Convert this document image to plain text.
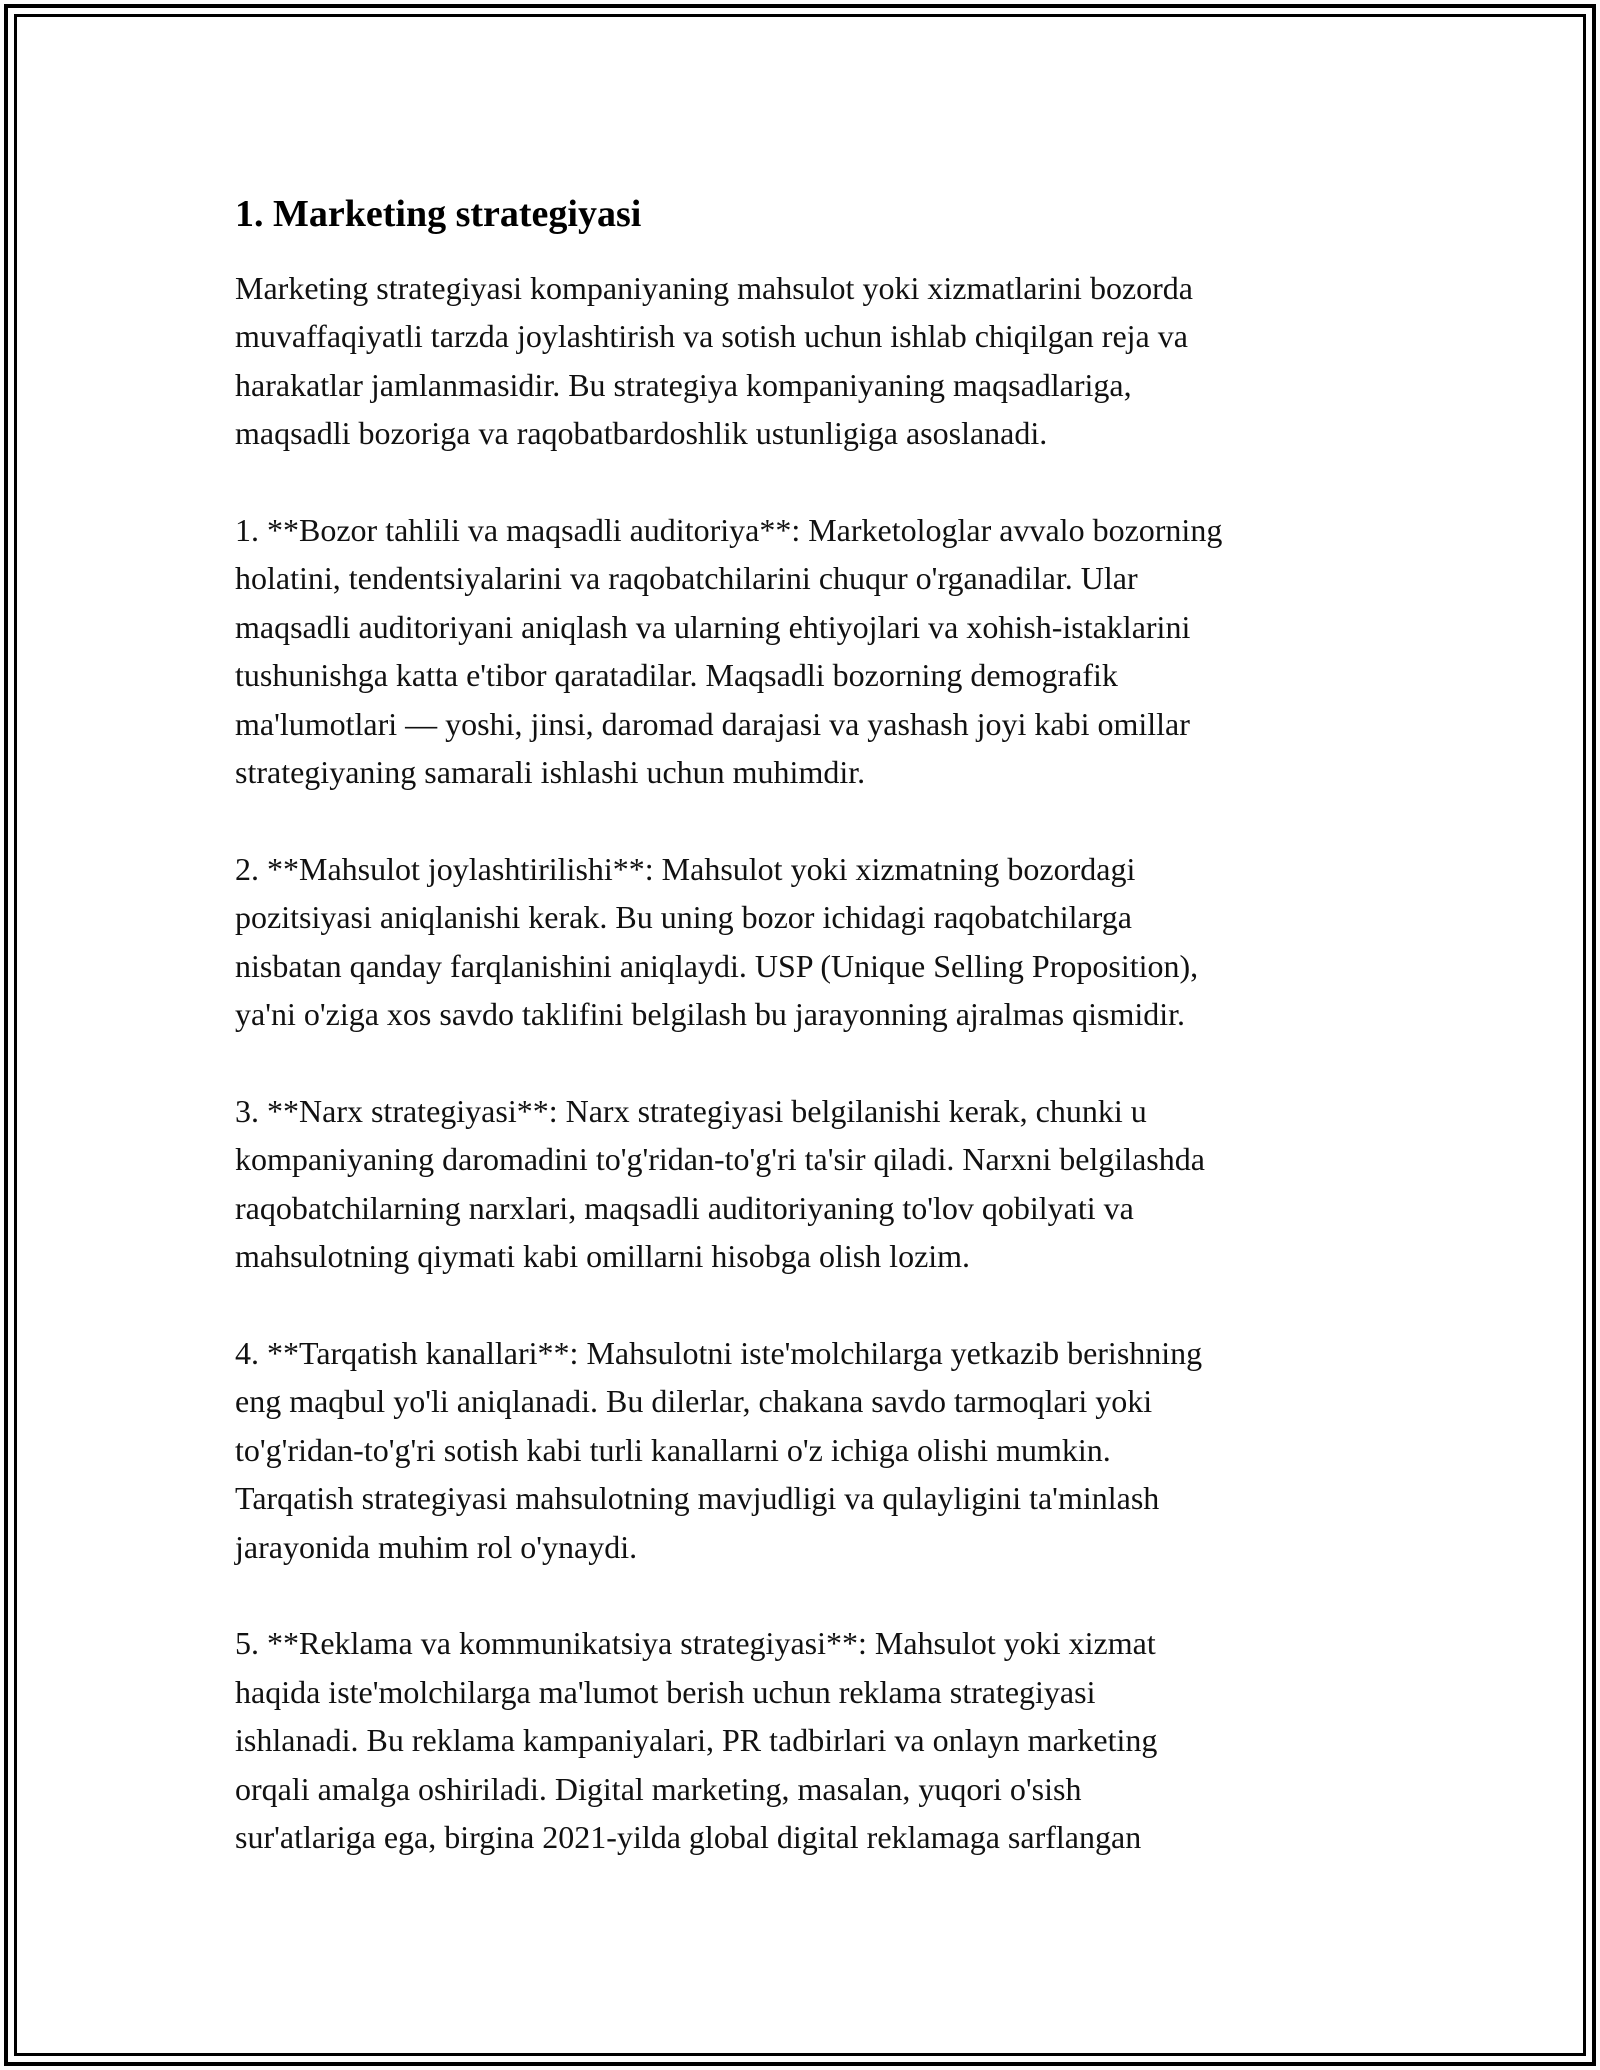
1. Marketing strategiyasi

Marketing strategiyasi kompaniyaning mahsulot yoki xizmatlarini bozorda
muvaffaqiyatli tarzda joylashtirish va sotish uchun ishlab chiqilgan reja va
harakatlar jamlanmasidir. Bu strategiya kompaniyaning maqsadlariga,
maqsadli bozoriga va raqobatbardoshlik ustunligiga asoslanadi.

1. **Bozor tahlili va maqsadli auditoriya**: Marketologlar avvalo bozorning
holatini, tendentsiyalarini va raqobatchilarini chuqur o'rganadilar. Ular
maqsadli auditoriyani aniqlash va ularning ehtiyojlari va xohish-istaklarini
tushunishga katta e'tibor qaratadilar. Maqsadli bozorning demografik
ma'lumotlari — yoshi, jinsi, daromad darajasi va yashash joyi kabi omillar
strategiyaning samarali ishlashi uchun muhimdir.

2. **Mahsulot joylashtirilishi**: Mahsulot yoki xizmatning bozordagi
pozitsiyasi aniqlanishi kerak. Bu uning bozor ichidagi raqobatchilarga
nisbatan qanday farqlanishini aniqlaydi. USP (Unique Selling Proposition),
ya'ni o'ziga xos savdo taklifini belgilash bu jarayonning ajralmas qismidir.

3. **Narx strategiyasi**: Narx strategiyasi belgilanishi kerak, chunki u
kompaniyaning daromadini to'g'ridan-to'g'ri ta'sir qiladi. Narxni belgilashda
raqobatchilarning narxlari, maqsadli auditoriyaning to'lov qobilyati va
mahsulotning qiymati kabi omillarni hisobga olish lozim.

4. **Tarqatish kanallari**: Mahsulotni iste'molchilarga yetkazib berishning
eng maqbul yo'li aniqlanadi. Bu dilerlar, chakana savdo tarmoqlari yoki
to'g'ridan-to'g'ri sotish kabi turli kanallarni o'z ichiga olishi mumkin.
Tarqatish strategiyasi mahsulotning mavjudligi va qulayligini ta'minlash
jarayonida muhim rol o'ynaydi.

5. **Reklama va kommunikatsiya strategiyasi**: Mahsulot yoki xizmat
haqida iste'molchilarga ma'lumot berish uchun reklama strategiyasi
ishlanadi. Bu reklama kampaniyalari, PR tadbirlari va onlayn marketing
orqali amalga oshiriladi. Digital marketing, masalan, yuqori o'sish
sur'atlariga ega, birgina 2021-yilda global digital reklamaga sarflangan
